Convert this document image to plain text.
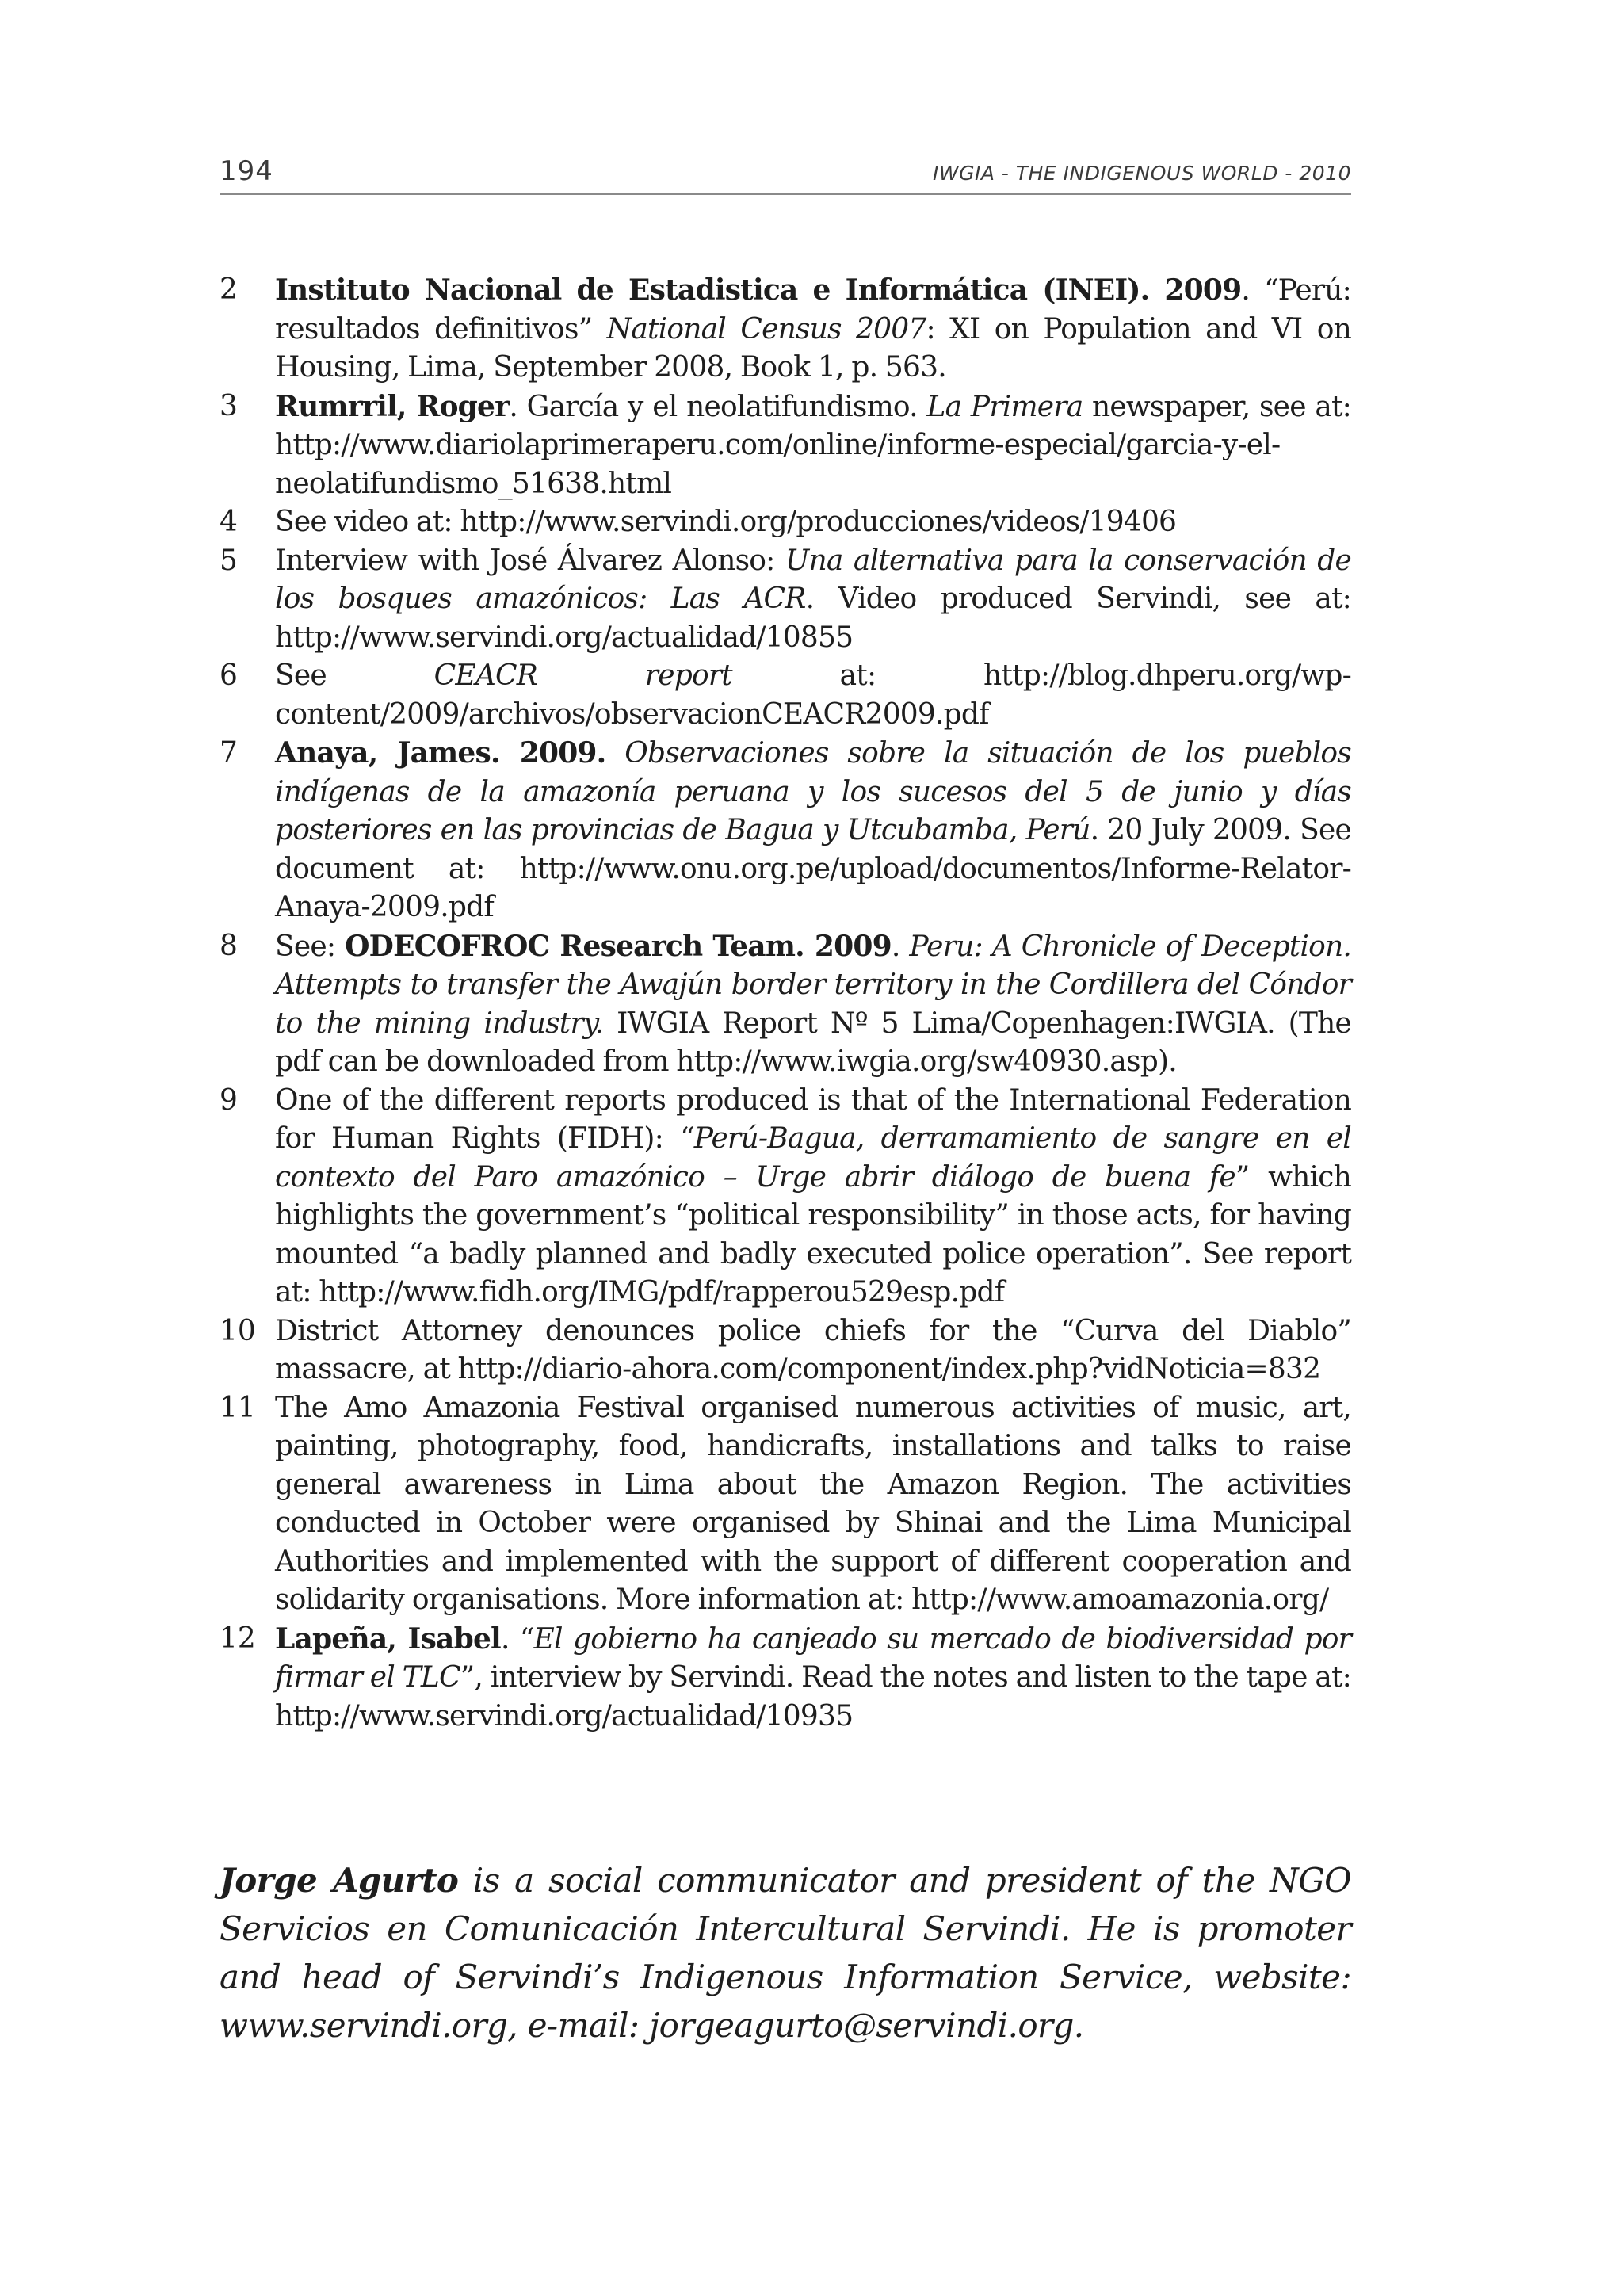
194	IWGIA - THE INDIGENOUS WORLD - 2010
2	Instituto Nacional de Estadistica e Informática (INEI). 2009. “Perú: resultados definitivos” National Census 2007: XI on Population and VI on Housing, Lima, September 2008, Book 1, p. 563.
3	Rumrril, Roger. García y el neolatifundismo. La Primera newspaper, see at: http://www.diariolaprimeraperu.com/online/informe-especial/garcia-y-el-neolatifundismo_51638.html
4	See video at: http://www.servindi.org/producciones/videos/19406
5	Interview with José Álvarez Alonso: Una alternativa para la conservación de los bosques amazónicos: Las ACR. Video produced Servindi, see at: http://www.servindi.org/actualidad/10855
6	See CEACR report at: http://blog.dhperu.org/wp-content/2009/archivos/observacionCEACR2009.pdf
7	Anaya, James. 2009. Observaciones sobre la situación de los pueblos indígenas de la amazonía peruana y los sucesos del 5 de junio y días posteriores en las provincias de Bagua y Utcubamba, Perú. 20 July 2009. See document at: http://www.onu.org.pe/upload/documentos/Informe-Relator-Anaya-2009.pdf
8	See: ODECOFROC Research Team. 2009. Peru: A Chronicle of Deception. Attempts to transfer the Awajún border territory in the Cordillera del Cóndor to the mining industry. IWGIA Report Nº 5 Lima/Copenhagen:IWGIA. (The pdf can be downloaded from http://www.iwgia.org/sw40930.asp).
9	One of the different reports produced is that of the International Federation for Human Rights (FIDH): “Perú-Bagua, derramamiento de sangre en el contexto del Paro amazónico – Urge abrir diálogo de buena fe” which highlights the government’s “political responsibility” in those acts, for having mounted “a badly planned and badly executed police operation”. See report at: http://www.fidh.org/IMG/pdf/rapperou529esp.pdf
10 District Attorney denounces police chiefs for the “Curva del Diablo” massacre, at http://diario-ahora.com/component/index.php?vidNoticia=832
11 The Amo Amazonia Festival organised numerous activities of music, art, painting, photography, food, handicrafts, installations and talks to raise general awareness in Lima about the Amazon Region. The activities conducted in October were organised by Shinai and the Lima Municipal Authorities and implemented with the support of different cooperation and solidarity organisations. More information at: http://www.amoamazonia.org/
12 Lapeña, Isabel. “El gobierno ha canjeado su mercado de biodiversidad por firmar el TLC”, interview by Servindi. Read the notes and listen to the tape at: http://www.servindi.org/actualidad/10935

Jorge Agurto is a social communicator and president of the NGO Servicios en Comunicación Intercultural Servindi. He is promoter and head of Servindi’s Indigenous Information Service, website: www.servindi.org, e-mail: jorgeagurto@servindi.org.
